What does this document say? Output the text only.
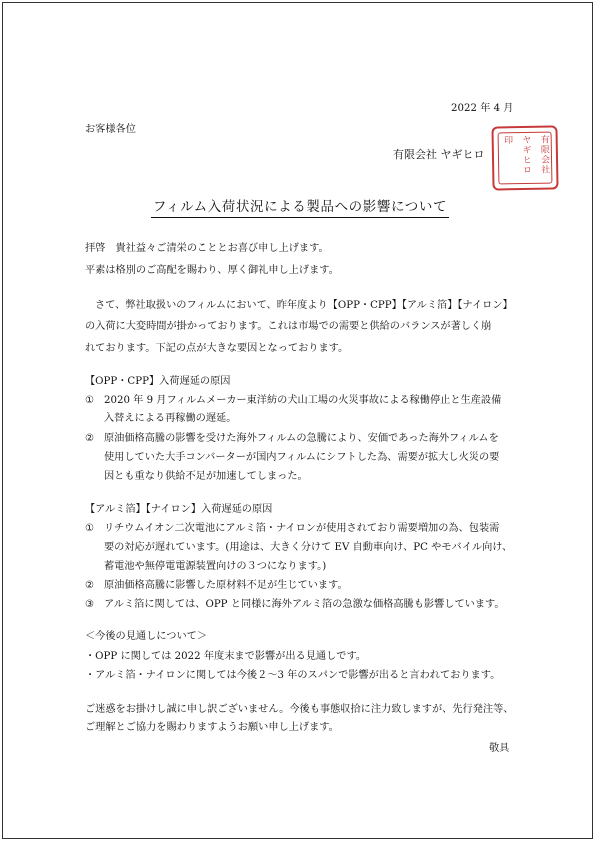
2022 年 4 月
お客様各位
有限会社 ヤギヒロ	有限会社
ヤギヒロ
印
フィルム入荷状況による製品への影響について
拝啓　貴社益々ご清栄のこととお喜び申し上げます。
平素は格別のご高配を賜わり、厚く御礼申し上げます。
さて、弊社取扱いのフィルムにおいて、昨年度より【OPP・CPP】【アルミ箔】【ナイロン】
の入荷に大変時間が掛かっております。これは市場での需要と供給のバランスが著しく崩
れております。下記の点が大きな要因となっております。
【OPP・CPP】入荷遅延の原因
① 2020 年 9 月フィルムメーカー東洋紡の犬山工場の火災事故による稼働停止と生産設備
入替えによる再稼働の遅延。
② 原油価格高騰の影響を受けた海外フィルムの急騰により、安価であった海外フィルムを
使用していた大手コンバーターが国内フィルムにシフトした為、需要が拡大し火災の要
因とも重なり供給不足が加速してしまった。
【アルミ箔】【ナイロン】入荷遅延の原因
① リチウムイオン二次電池にアルミ箔・ナイロンが使用されており需要増加の為、包装需
要の対応が遅れています。(用途は、大きく分けて EV 自動車向け、PC やモバイル向け、
蓄電池や無停電電源装置向けの３つになります。)
② 原油価格高騰に影響した原材料不足が生じています。
③ アルミ箔に関しては、OPP と同様に海外アルミ箔の急激な価格高騰も影響しています。
＜今後の見通しについて＞
・OPP に関しては 2022 年度末まで影響が出る見通しです。
・アルミ箔・ナイロンに関しては今後２～3 年のスパンで影響が出ると言われております。
ご迷惑をお掛けし誠に申し訳ございません。今後も事態収拾に注力致しますが、先行発注等、
ご理解とご協力を賜わりますようお願い申し上げます。
敬具
